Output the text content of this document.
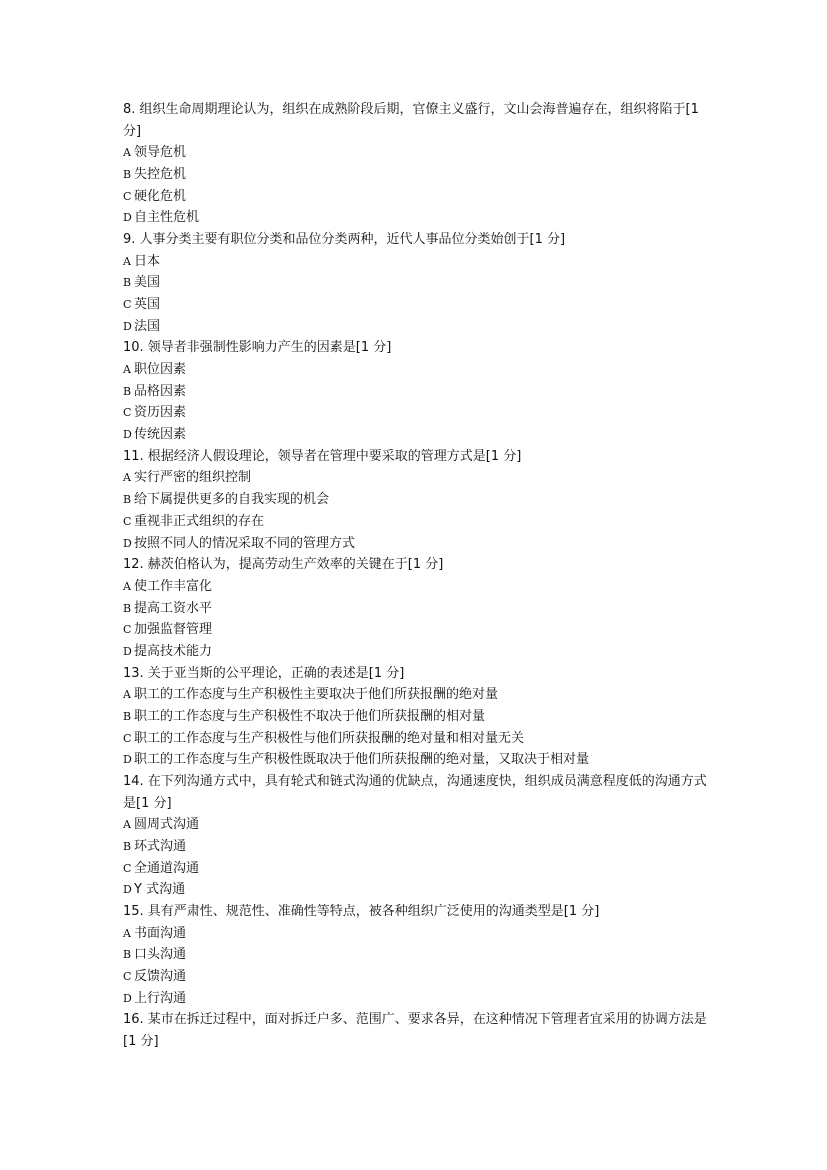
8. 组织生命周期理论认为，组织在成熟阶段后期，官僚主义盛行，文山会海普遍存在，组织将陷于[1 分]
A 领导危机
B 失控危机
C 硬化危机
D 自主性危机
9. 人事分类主要有职位分类和品位分类两种，近代人事品位分类始创于[1 分]
A 日本
B 美国
C 英国
D 法国
10. 领导者非强制性影响力产生的因素是[1 分]
A 职位因素
B 品格因素
C 资历因素
D 传统因素
11. 根据经济人假设理论，领导者在管理中要采取的管理方式是[1 分]
A 实行严密的组织控制
B 给下属提供更多的自我实现的机会
C 重视非正式组织的存在
D 按照不同人的情况采取不同的管理方式
12. 赫茨伯格认为，提高劳动生产效率的关键在于[1 分]
A 使工作丰富化
B 提高工资水平
C 加强监督管理
D 提高技术能力
13. 关于亚当斯的公平理论，正确的表述是[1 分]
A 职工的工作态度与生产积极性主要取决于他们所获报酬的绝对量
B 职工的工作态度与生产积极性不取决于他们所获报酬的相对量
C 职工的工作态度与生产积极性与他们所获报酬的绝对量和相对量无关
D 职工的工作态度与生产积极性既取决于他们所获报酬的绝对量，又取决于相对量
14. 在下列沟通方式中，具有轮式和链式沟通的优缺点，沟通速度快，组织成员满意程度低的沟通方式是[1 分]
A 圆周式沟通
B 环式沟通
C 全通道沟通
D Y 式沟通
15. 具有严肃性、规范性、准确性等特点，被各种组织广泛使用的沟通类型是[1 分]
A 书面沟通
B 口头沟通
C 反馈沟通
D 上行沟通
16. 某市在拆迁过程中，面对拆迁户多、范围广、要求各异，在这种情况下管理者宜采用的协调方法是[1 分]
